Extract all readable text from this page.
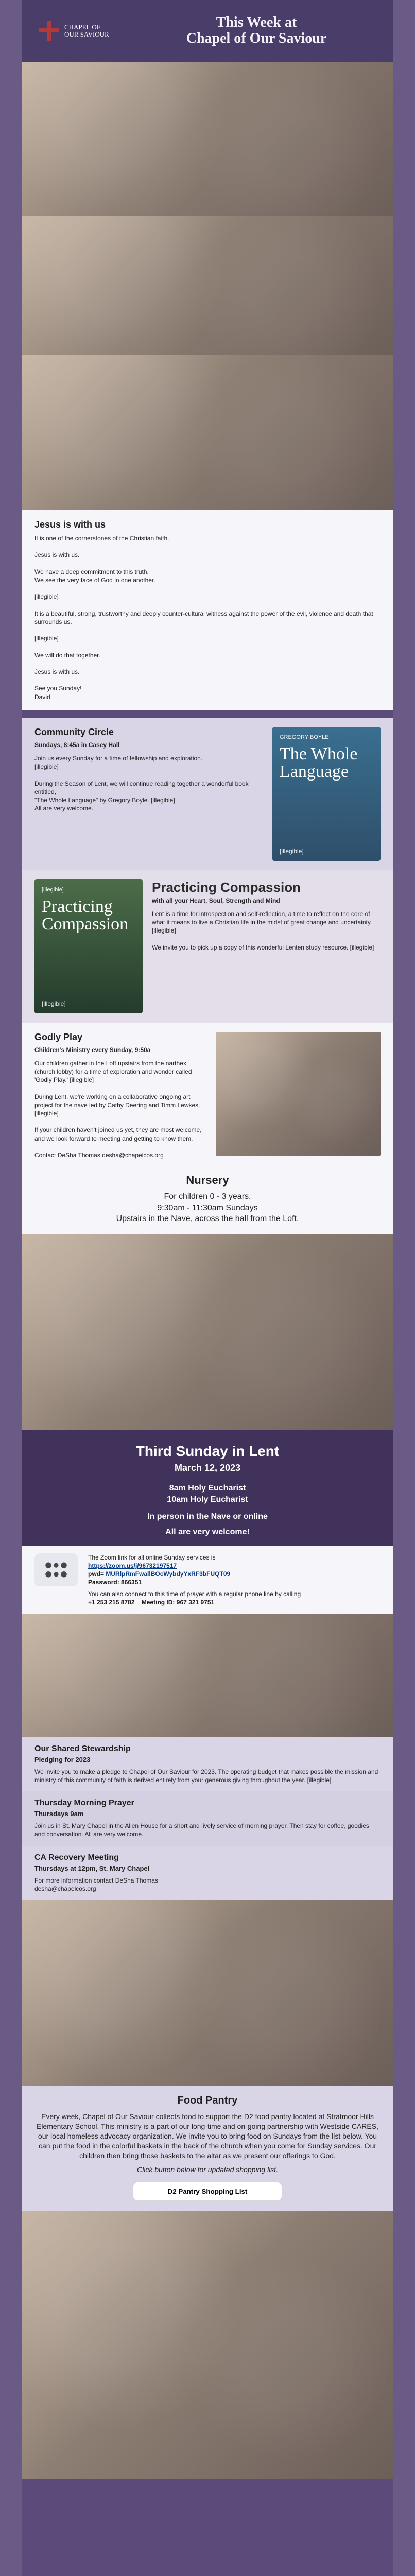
CHAPEL OF
OUR SAVIOUR
This Week at
Chapel of Our Saviour
Jesus is with us
It is one of the cornerstones of the Christian faith.

Jesus is with us.

We have a deep commitment to this truth.
We see the very face of God in one another.

[illegible]

It is a beautiful, strong, trustworthy and deeply counter-cultural witness against the power of the evil, violence and death that surrounds us.

[illegible]

We will do that together.

Jesus is with us.

See you Sunday!
David
Community Circle
Sundays, 8:45a in Casey Hall
Join us every Sunday for a time of fellowship and exploration.
[illegible]

During the Season of Lent, we will continue reading together a wonderful book entitled,
"The Whole Language" by Gregory Boyle. [illegible]
All are very welcome.
GREGORY BOYLE
The Whole
Language
[illegible]
[illegible]
Practicing
Compassion
[illegible]
Practicing Compassion
with all your Heart, Soul, Strength and Mind
Lent is a time for introspection and self-reflection, a time to reflect on the core of what it means to live a Christian life in the midst of great change and uncertainty. [illegible]

We invite you to pick up a copy of this wonderful Lenten study resource. [illegible]
Godly Play
Children's Ministry every Sunday, 9:50a
Our children gather in the Loft upstairs from the narthex (church lobby) for a time of exploration and wonder called 'Godly Play.' [illegible]

During Lent, we're working on a collaborative ongoing art project for the nave led by Cathy Deering and Timm Lewkes. [illegible]

If your children haven't joined us yet, they are most welcome, and we look forward to meeting and getting to know them.

Contact DeSha Thomas desha@chapelcos.org
Nursery
For children 0 - 3 years.
9:30am - 11:30am Sundays
Upstairs in the Nave, across the hall from the Loft.
Third Sunday in Lent
March 12, 2023
8am Holy Eucharist
10am Holy Eucharist
In person in the Nave or online
All are very welcome!
The Zoom link for all online Sunday services is
https://zoom.us/j/96732197517
pwd= MURlpRmFwallBOcWybdyYxRF3bFUQT09
Password: 866351
You can also connect to this time of prayer with a regular phone line by calling
+1 253 215 8782 Meeting ID: 967 321 9751
Our Shared Stewardship
Pledging for 2023
We invite you to make a pledge to Chapel of Our Saviour for 2023. The operating budget that makes possible the mission and ministry of this community of faith is derived entirely from your generous giving throughout the year. [illegible]
Thursday Morning Prayer
Thursdays 9am
Join us in St. Mary Chapel in the Allen House for a short and lively service of morning prayer. Then stay for coffee, goodies and conversation. All are very welcome.
CA Recovery Meeting
Thursdays at 12pm, St. Mary Chapel
For more information contact DeSha Thomas
desha@chapelcos.org
Food Pantry
Every week, Chapel of Our Saviour collects food to support the D2 food pantry located at Stratmoor Hills Elementary School. This ministry is a part of our long-time and on-going partnership with Westside CARES, our local homeless advocacy organization. We invite you to bring food on Sundays from the list below. You can put the food in the colorful baskets in the back of the church when you come for Sunday services. Our children then bring those baskets to the altar as we present our offerings to God.
Click button below for updated shopping list.
D2 Pantry Shopping List
